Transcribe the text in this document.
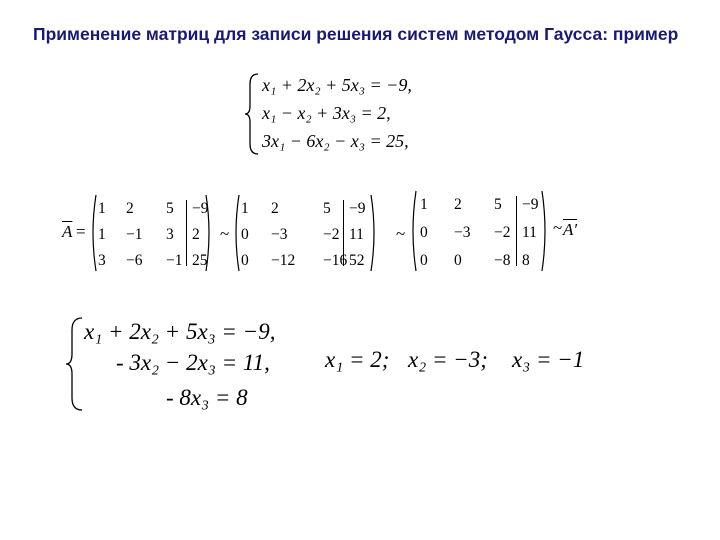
Применение матриц для записи решения систем методом Гаусса: пример
x₁ + 2x₂ + 5x₃ = −9,
x₁ − x₂ + 3x₃ = 2,
3x₁ − 6x₂ − x₃ = 25,
$\overline{A}$ =
1 2 5 −9
1 −1 3 2
3 −6 −1 25
~
1 2	5 −9
0 −3 −2 11
0 −12 −16 52
~
1 2 5 −9
0 −3 −2 11
0 0 −8 8
~ A′
x₁ + 2x₂ + 5x₃ = −9,
- 3x₂ − 2x₃ = 11,
- 8x₃ = 8
x₁ = 2; x₂ = −3; x₃ = −1
